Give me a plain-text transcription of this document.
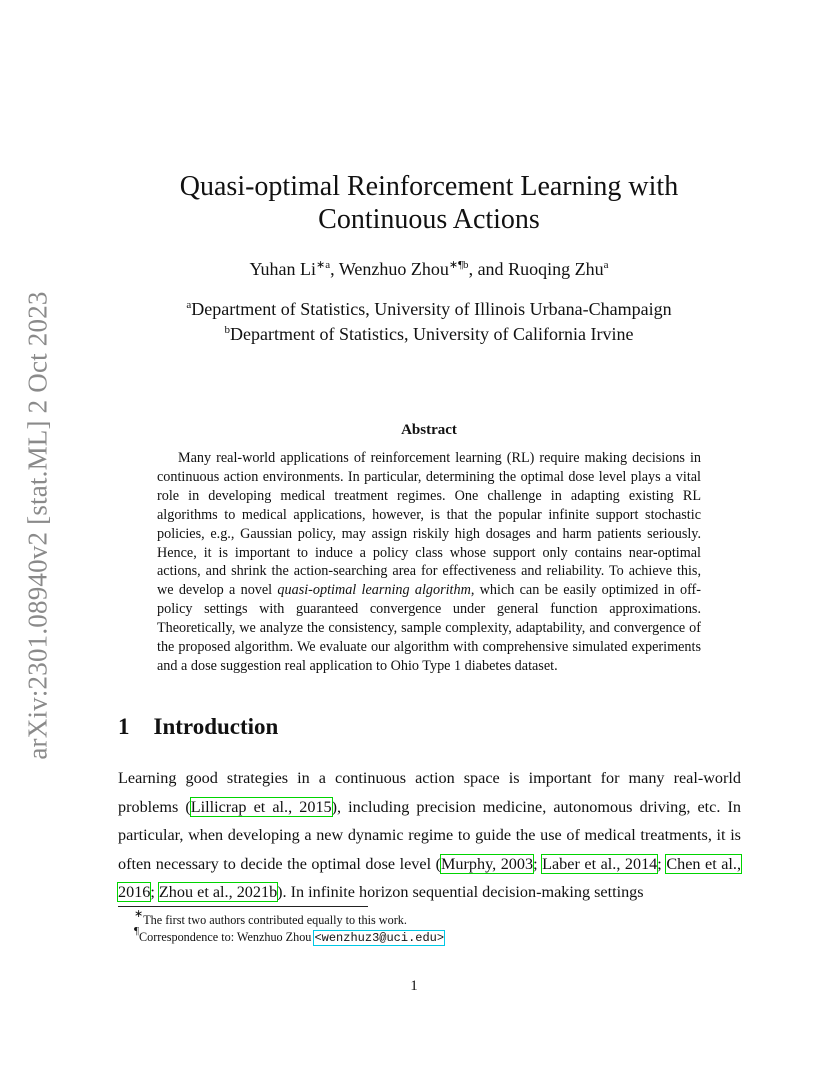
arXiv:2301.08940v2 [stat.ML] 2 Oct 2023
Quasi-optimal Reinforcement Learning with
Continuous Actions
Yuhan $Li^{∗a}$, Wenzhuo Zhou$^{∗\P b}$, and Ruoqing Zhu$^a$
$^a$Department of Statistics, University of Illinois Urbana-Champaign
$^b$Department of Statistics, University of California Irvine
Abstract

Many real-world applications of reinforcement learning (RL) require making decisions in continuous action environments. In particular, determining the optimal dose level plays a vital role in developing medical treatment regimes. One challenge in adapting existing RL algorithms to medical applications, however, is that the popular infinite support stochastic policies, e.g., Gaussian policy, may assign riskily high dosages and harm patients seriously. Hence, it is important to induce a policy class whose support only contains near-optimal actions, and shrink the action-searching area for effectiveness and reliability. To achieve this, we develop a novel quasi-optimal learning algorithm, which can be easily optimized in off-policy settings with guaranteed convergence under general function approximations. Theoretically, we analyze the consistency, sample complexity, adaptability, and convergence of the proposed algorithm. We evaluate our algorithm with comprehensive simulated experiments and a dose suggestion real application to Ohio Type 1 diabetes dataset.

1 Introduction

Learning good strategies in a continuous action space is important for many real-world problems (Lillicrap et al., 2015), including precision medicine, autonomous driving, etc. In particular, when developing a new dynamic regime to guide the use of medical treatments, it is often necessary to decide the optimal dose level (Murphy, 2003; Laber et al., 2014; Chen et al., 2016; Zhou et al., 2021b). In infinite horizon sequential decision-making settings

∗The first two authors contributed equally to this work.
¶Correspondence to: Wenzhuo Zhou <wenzhuz3@uci.edu>
1
